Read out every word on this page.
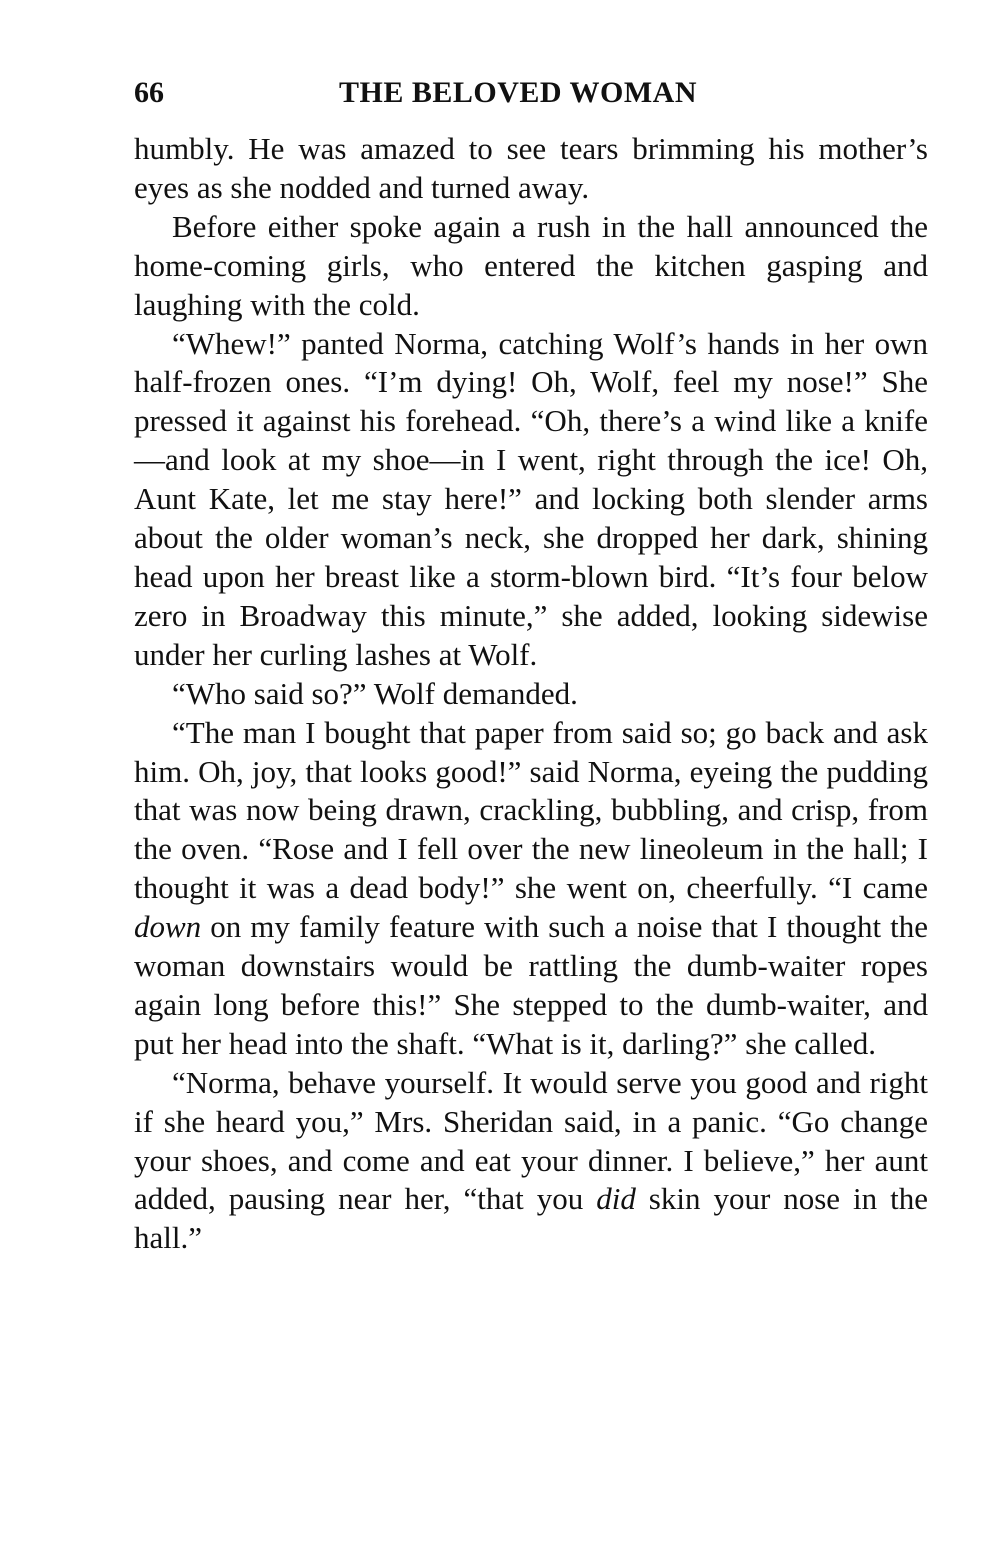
66	THE BELOVED WOMAN

humbly. He was amazed to see tears brimming his mother’s eyes as she nodded and turned away.

Before either spoke again a rush in the hall announced the home-coming girls, who entered the kitchen gasping and laughing with the cold.

“Whew!” panted Norma, catching Wolf’s hands in her own half-frozen ones. “I’m dying! Oh, Wolf, feel my nose!” She pressed it against his forehead. “Oh, there’s a wind like a knife—and look at my shoe—in I went, right through the ice! Oh, Aunt Kate, let me stay here!” and locking both slender arms about the older woman’s neck, she dropped her dark, shining head upon her breast like a storm-blown bird. “It’s four below zero in Broadway this minute,” she added, looking sidewise under her curling lashes at Wolf.

“Who said so?” Wolf demanded.

“The man I bought that paper from said so; go back and ask him. Oh, joy, that looks good!” said Norma, eyeing the pudding that was now being drawn, crackling, bubbling, and crisp, from the oven. “Rose and I fell over the new lineoleum in the hall; I thought it was a dead body!” she went on, cheerfully. “I came down on my family feature with such a noise that I thought the woman downstairs would be rattling the dumb-waiter ropes again long before this!” She stepped to the dumb-waiter, and put her head into the shaft. “What is it, darling?” she called.

“Norma, behave yourself. It would serve you good and right if she heard you,” Mrs. Sheridan said, in a panic. “Go change your shoes, and come and eat your dinner. I believe,” her aunt added, pausing near her, “that you did skin your nose in the hall.”
